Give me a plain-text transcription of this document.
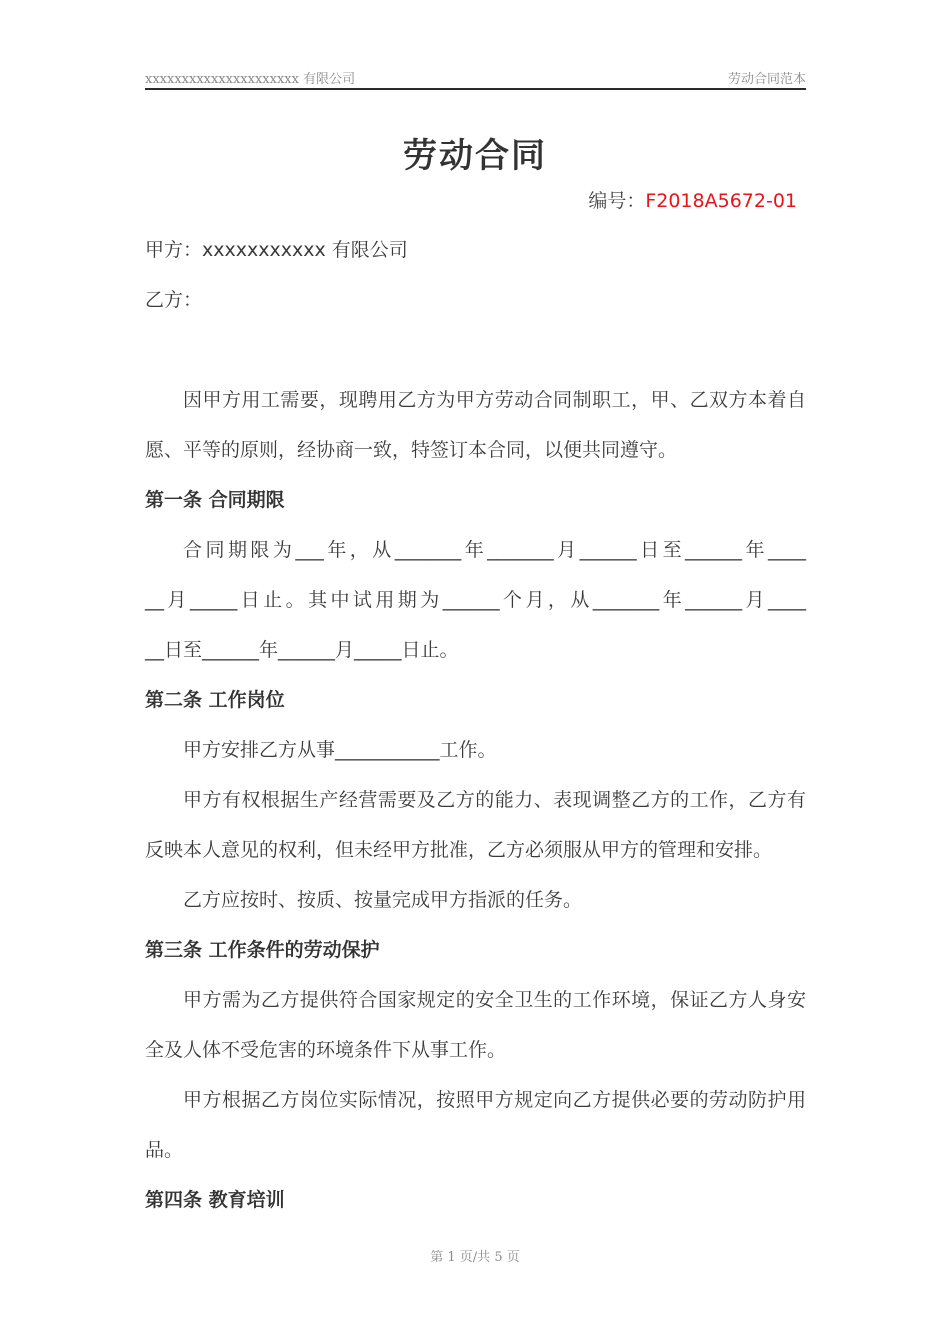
xxxxxxxxxxxxxxxxxxxxx 有限公司	劳动合同范本
劳动合同
编号：F2018A5672-01
甲方：xxxxxxxxxxx 有限公司
乙方：
因甲方用工需要，现聘用乙方为甲方劳动合同制职工，甲、乙双方本着自
愿、平等的原则，经协商一致，特签订本合同，以便共同遵守。
第一条 合同期限
合同期限为___年，从_______年_______月______日至______年____
__月_____日止。其中试用期为______个月，从_______年______月____
__日至______年______月_____日止。
第二条 工作岗位
甲方安排乙方从事___________工作。
甲方有权根据生产经营需要及乙方的能力、表现调整乙方的工作，乙方有
反映本人意见的权利，但未经甲方批准，乙方必须服从甲方的管理和安排。
乙方应按时、按质、按量完成甲方指派的任务。
第三条 工作条件的劳动保护
甲方需为乙方提供符合国家规定的安全卫生的工作环境，保证乙方人身安
全及人体不受危害的环境条件下从事工作。
甲方根据乙方岗位实际情况，按照甲方规定向乙方提供必要的劳动防护用
品。
第四条 教育培训
第 1 页/共 5 页
